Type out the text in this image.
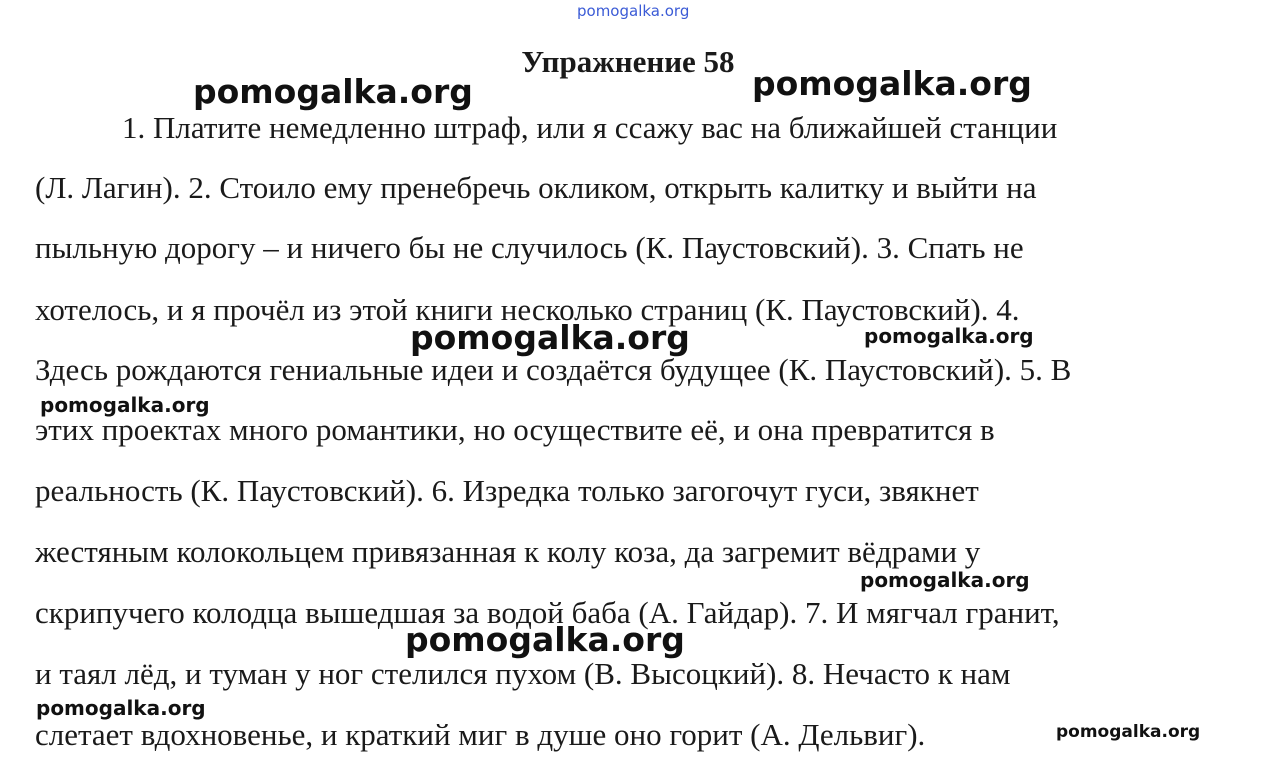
pomogalka.org
Упражнение 58
pomogalka.org	pomogalka.org
1. Платите немедленно штраф, или я ссажу вас на ближайшей станции
(Л. Лагин). 2. Стоило ему пренебречь окликом, открыть калитку и выйти на
пыльную дорогу – и ничего бы не случилось (К. Паустовский). 3. Спать не
хотелось, и я прочёл из этой книги несколько страниц (К. Паустовский). 4.
pomogalka.org	pomogalka.org
Здесь рождаются гениальные идеи и создаётся будущее (К. Паустовский). 5. В
pomogalka.org
этих проектах много романтики, но осуществите её, и она превратится в
реальность (К. Паустовский). 6. Изредка только загогочут гуси, звякнет
жестяным колокольцем привязанная к колу коза, да загремит вёдрами у
pomogalka.org
скрипучего колодца вышедшая за водой баба (А. Гайдар). 7. И мягчал гранит,
pomogalka.org
и таял лёд, и туман у ног стелился пухом (В. Высоцкий). 8. Нечасто к нам
pomogalka.org
слетает вдохновенье, и краткий миг в душе оно горит (А. Дельвиг).	pomogalka.org
